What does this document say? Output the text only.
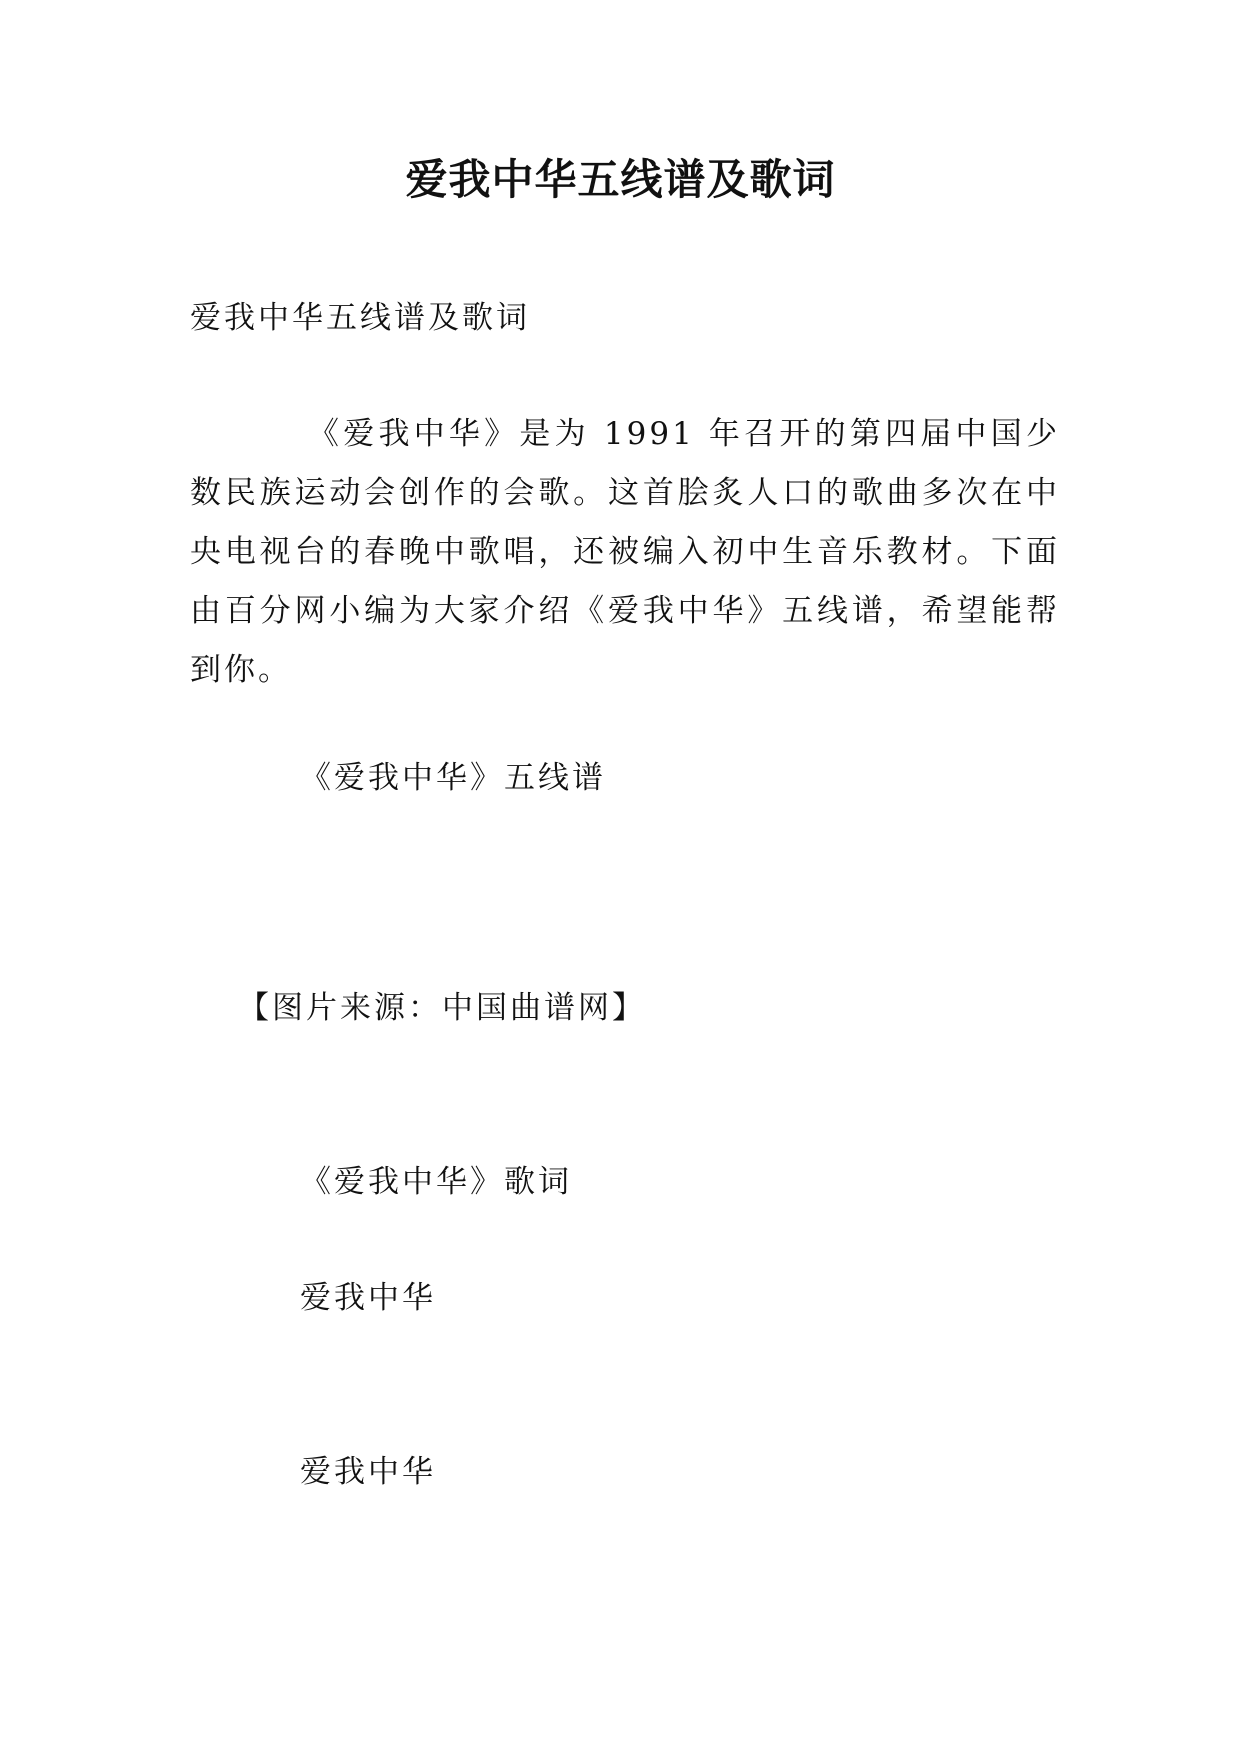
爱我中华五线谱及歌词
爱我中华五线谱及歌词
《爱我中华》是为 1991 年召开的第四届中国少数民族运动会创作的会歌。这首脍炙人口的歌曲多次在中央电视台的春晚中歌唱，还被编入初中生音乐教材。下面由百分网小编为大家介绍《爱我中华》五线谱，希望能帮到你。
《爱我中华》五线谱
【图片来源：中国曲谱网】
《爱我中华》歌词
爱我中华
爱我中华
